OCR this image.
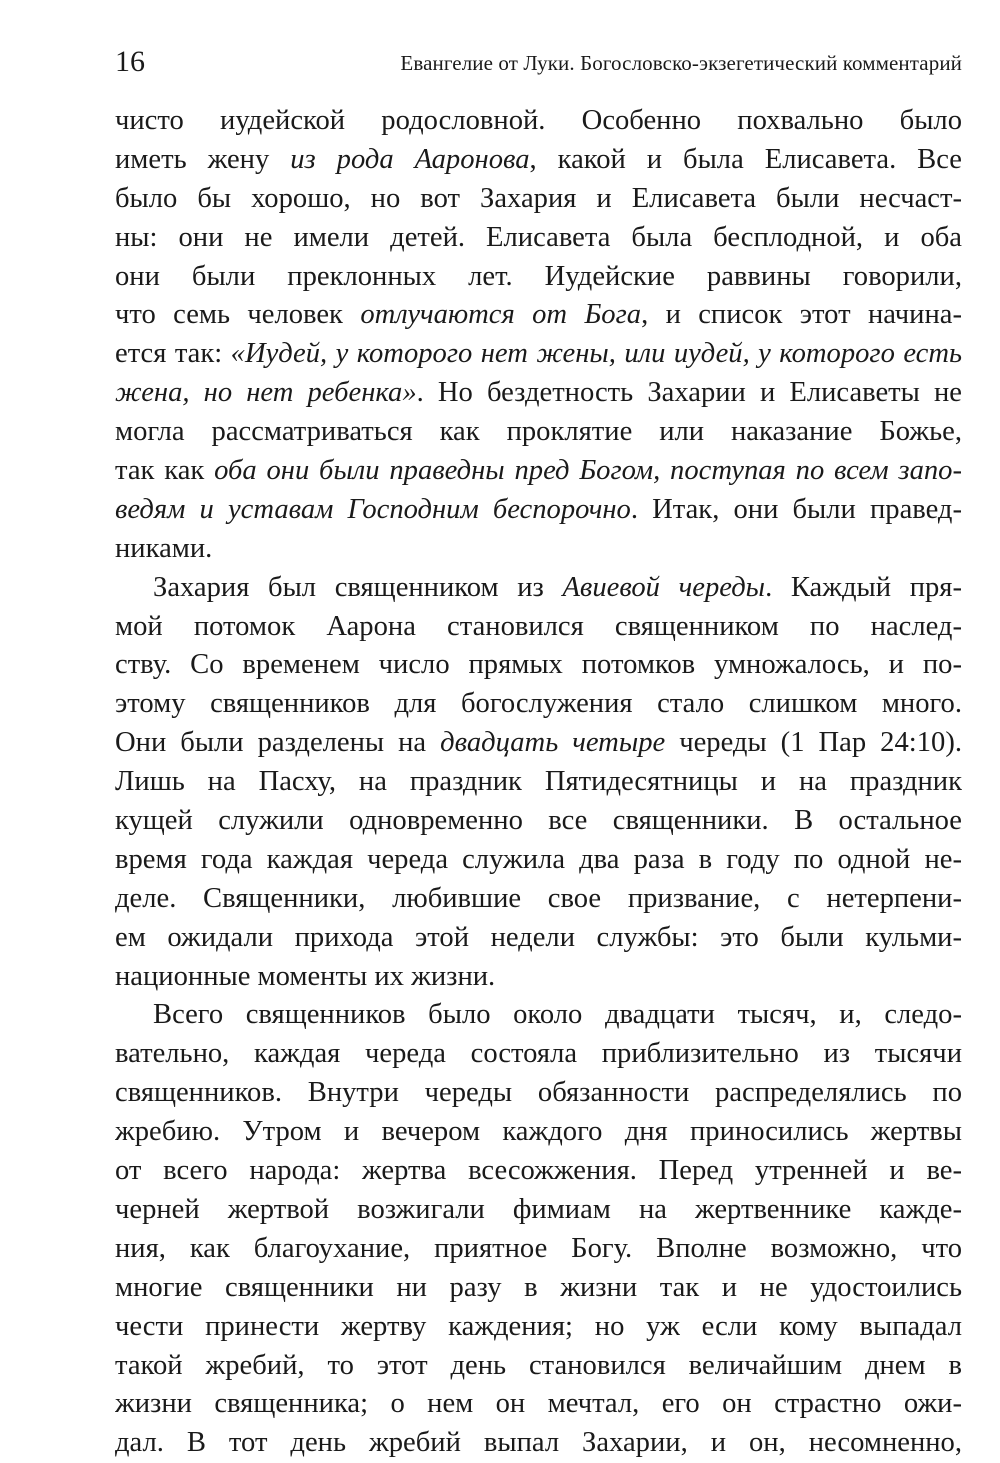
16	Евангелие от Луки. Богословско-экзегетический комментарий
чисто иудейской родословной. Особенно похвально было
иметь жену из рода Ааронова, какой и была Елисавета. Все
было бы хорошо, но вот Захария и Елисавета были несчаст-
ны: они не имели детей. Елисавета была бесплодной, и оба
они были преклонных лет. Иудейские раввины говорили,
что семь человек отлучаются от Бога, и список этот начина-
ется так: «Иудей, у которого нет жены, или иудей, у которого есть
жена, но нет ребенка». Но бездетность Захарии и Елисаветы не
могла рассматриваться как проклятие или наказание Божье,
так как оба они были праведны пред Богом, поступая по всем запо-
ведям и уставам Господним беспорочно. Итак, они были правед-
никами.
Захария был священником из Авиевой череды. Каждый пря-
мой потомок Аарона становился священником по наслед-
ству. Со временем число прямых потомков умножалось, и по-
этому священников для богослужения стало слишком много.
Они были разделены на двадцать четыре череды (1 Пар 24:10).
Лишь на Пасху, на праздник Пятидесятницы и на праздник
кущей служили одновременно все священники. В остальное
время года каждая череда служила два раза в году по одной не-
деле. Священники, любившие свое призвание, с нетерпени-
ем ожидали прихода этой недели службы: это были кульми-
национные моменты их жизни.
Всего священников было около двадцати тысяч, и, следо-
вательно, каждая череда состояла приблизительно из тысячи
священников. Внутри череды обязанности распределялись по
жребию. Утром и вечером каждого дня приносились жертвы
от всего народа: жертва всесожжения. Перед утренней и ве-
черней жертвой возжигали фимиам на жертвеннике кажде-
ния, как благоухание, приятное Богу. Вполне возможно, что
многие священники ни разу в жизни так и не удостоились
чести принести жертву каждения; но уж если кому выпадал
такой жребий, то этот день становился величайшим днем в
жизни священника; о нем он мечтал, его он страстно ожи-
дал. В тот день жребий выпал Захарии, и он, несомненно,
